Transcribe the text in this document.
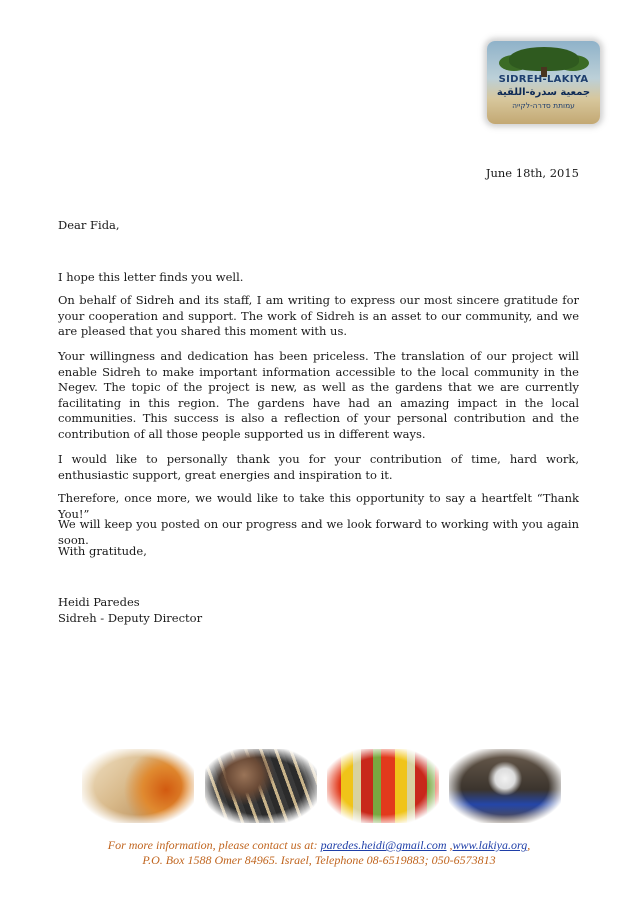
SIDREH-LAKIYA
جمعية سدرة-اللقية
עמותת סדרה-לקייה
June 18th, 2015
Dear Fida,
I hope this letter finds you well.
On behalf of Sidreh and its staff, I am writing to express our most sincere gratitude for your cooperation and support. The work of Sidreh is an asset to our community, and we are pleased that you shared this moment with us.
Your willingness and dedication has been priceless. The translation of our project will enable Sidreh to make important information accessible to the local community in the Negev. The topic of the project is new, as well as the gardens that we are currently facilitating in this region. The gardens have had an amazing impact in the local communities. This success is also a reflection of your personal contribution and the contribution of all those people supported us in different ways.
I would like to personally thank you for your contribution of time, hard work, enthusiastic support, great energies and inspiration to it.
Therefore, once more, we would like to take this opportunity to say a heartfelt “Thank You!”
We will keep you posted on our progress and we look forward to working with you again soon.
With gratitude,
Heidi Paredes
Sidreh - Deputy Director
For more information, please contact us at: paredes.heidi@gmail.com ,www.lakiya.org,
P.O. Box 1588 Omer 84965. Israel, Telephone 08-6519883; 050-6573813
